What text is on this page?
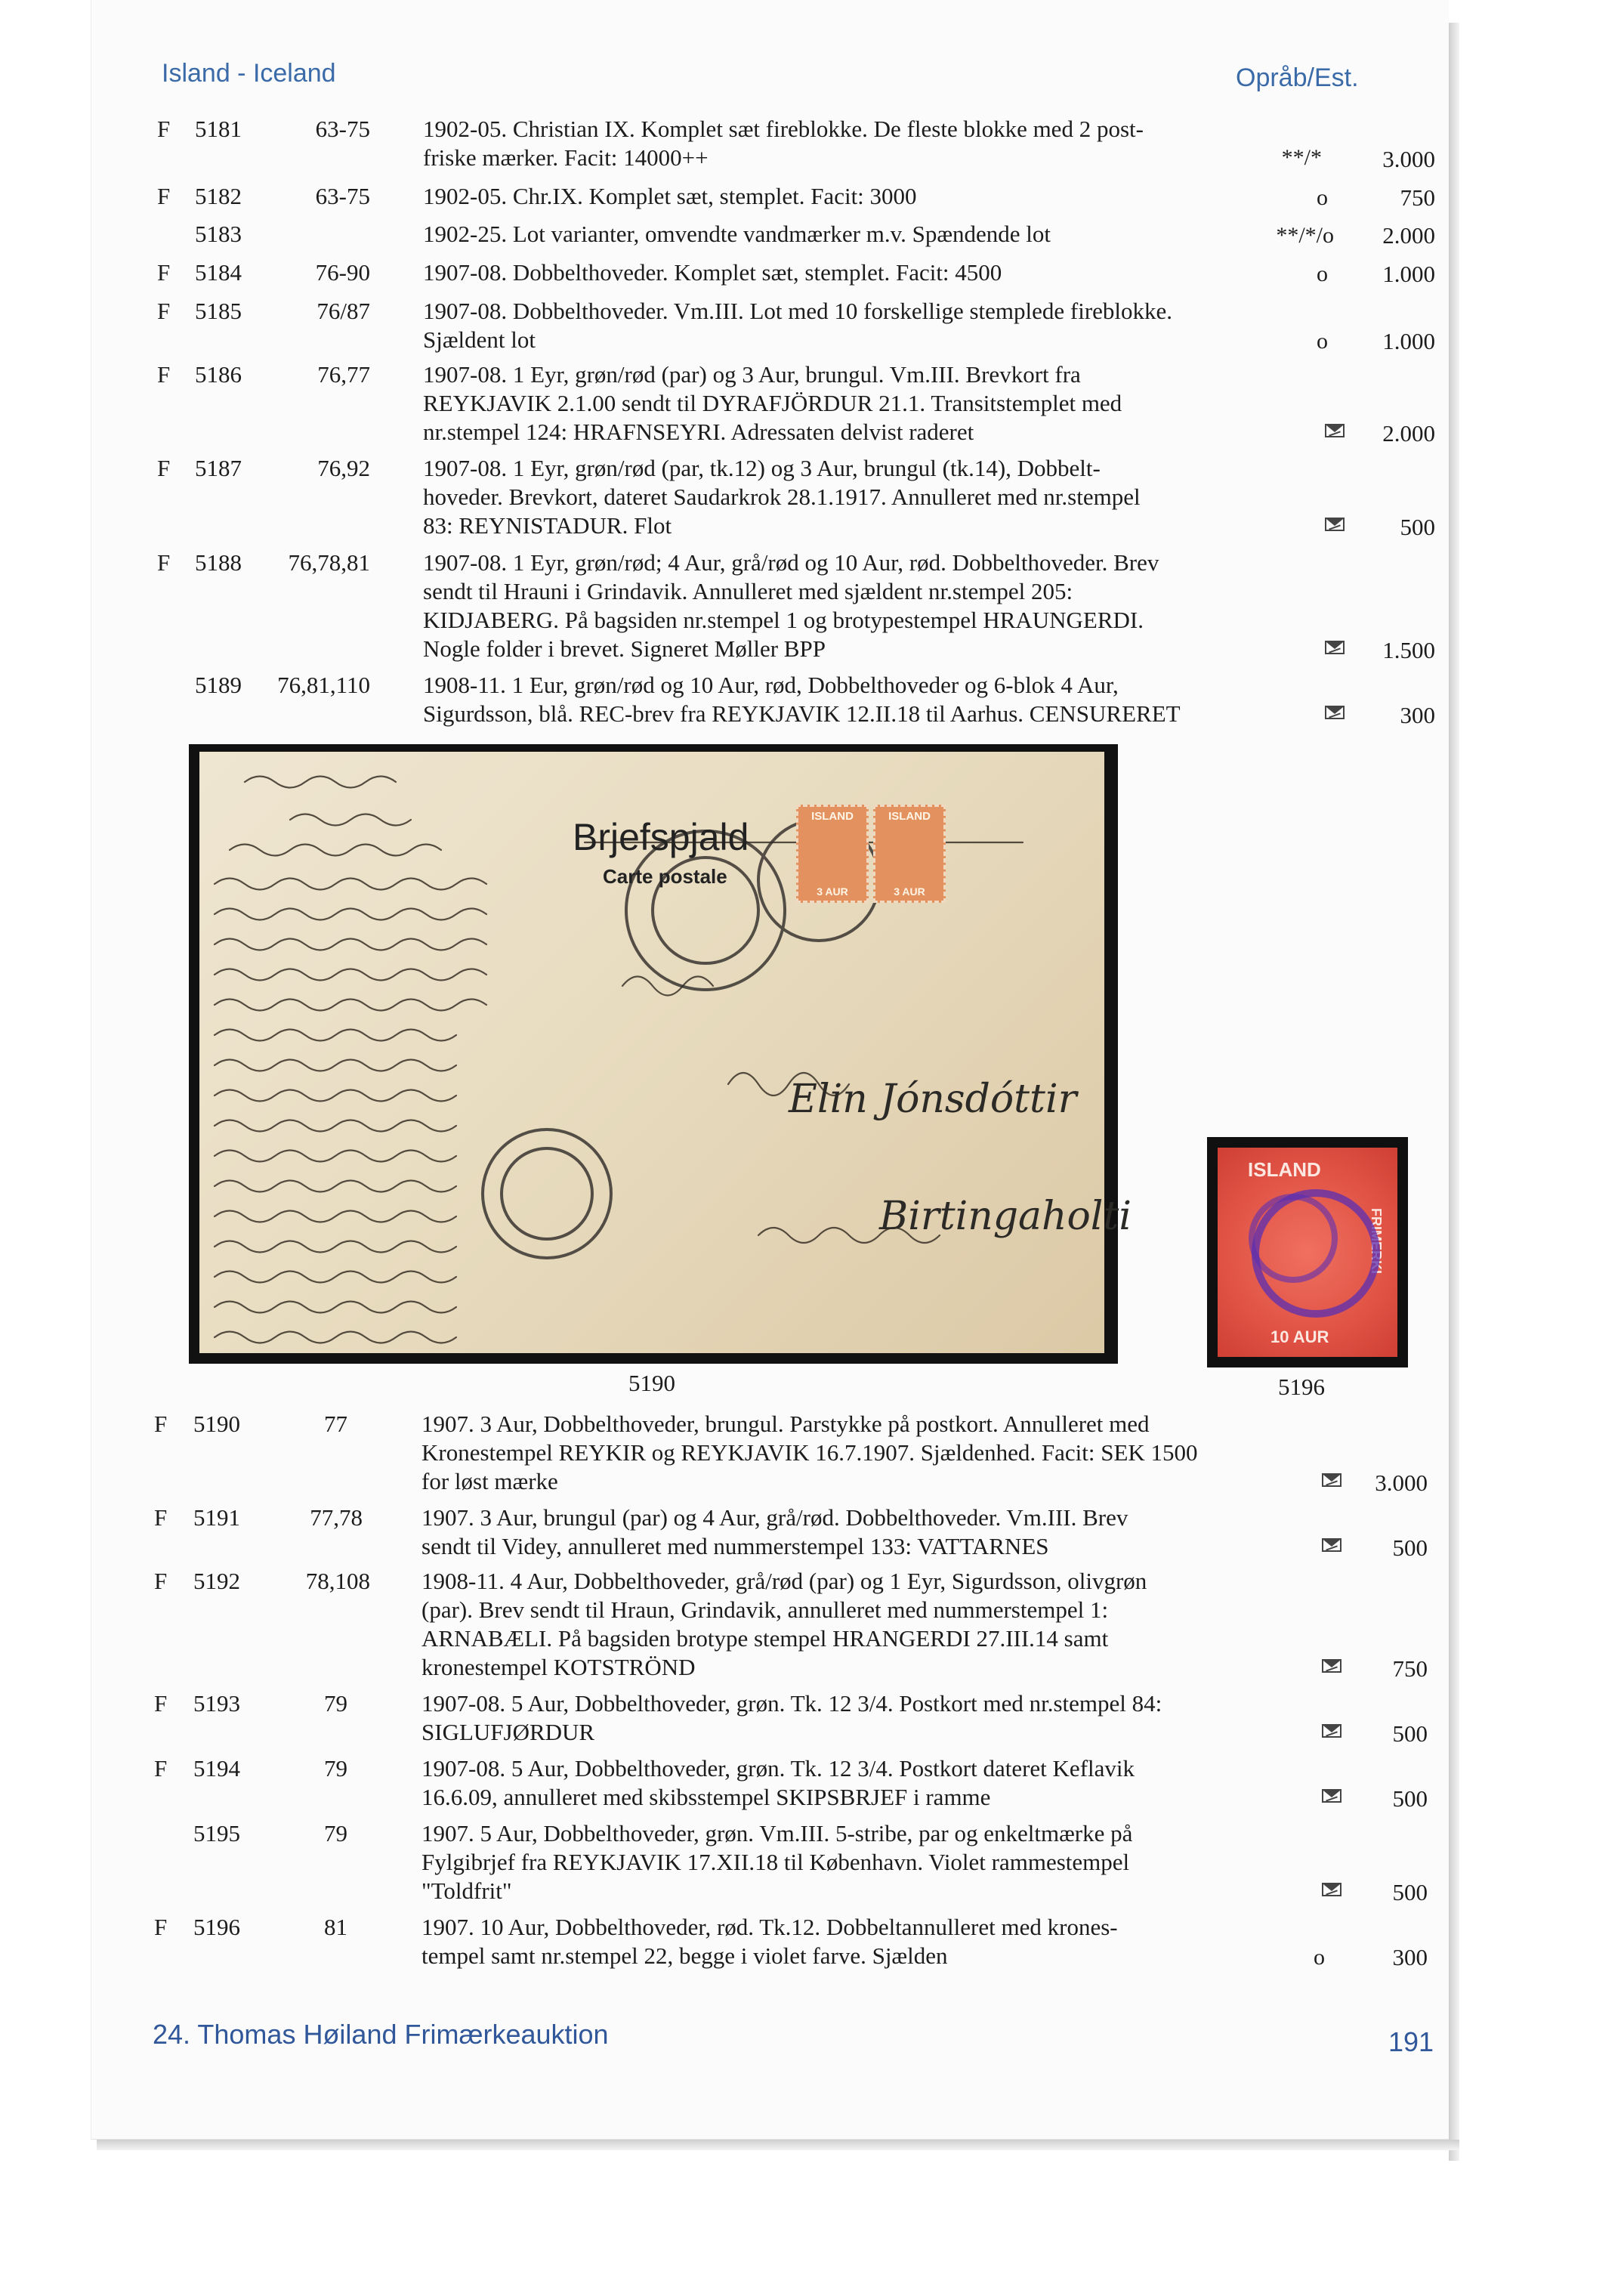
Island - Iceland	Opråb/Est.
F 5181	63-75 1902-05. Christian IX. Komplet sæt fireblokke. De fleste blokke med 2 post-
friske mærker. Facit: 14000++	**/*	3.000
F 5182	63-75 1902-05. Chr.IX. Komplet sæt, stemplet. Facit: 3000	o	750
5183	1902-25. Lot varianter, omvendte vandmærker m.v. Spændende lot	**/*/o	2.000
F 5184	76-90 1907-08. Dobbelthoveder. Komplet sæt, stemplet. Facit: 4500	o	1.000
F 5185	76/87 1907-08. Dobbelthoveder. Vm.III. Lot med 10 forskellige stemplede fireblokke.
Sjældent lot	o	1.000
F 5186	76,77 1907-08. 1 Eyr, grøn/rød (par) og 3 Aur, brungul. Vm.III. Brevkort fra
REYKJAVIK 2.1.00 sendt til DYRAFJÖRDUR 21.1. Transitstemplet med
nr.stempel 124: HRAFNSEYRI. Adressaten delvist raderet	2.000
F 5187	76,92 1907-08. 1 Eyr, grøn/rød (par, tk.12) og 3 Aur, brungul (tk.14), Dobbelt-
hoveder. Brevkort, dateret Saudarkrok 28.1.1917. Annulleret med nr.stempel
83: REYNISTADUR. Flot	500
F 5188	76,78,81 1907-08. 1 Eyr, grøn/rød; 4 Aur, grå/rød og 10 Aur, rød. Dobbelthoveder. Brev
sendt til Hrauni i Grindavik. Annulleret med sjældent nr.stempel 205:
KIDJABERG. På bagsiden nr.stempel 1 og brotypestempel HRAUNGERDI.
Nogle folder i brevet. Signeret Møller BPP	1.500
5189 76,81,110 1908-11. 1 Eur, grøn/rød og 10 Aur, rød, Dobbelthoveder og 6-blok 4 Aur,
Sigurdsson, blå. REC-brev fra REYKJAVIK 12.II.18 til Aarhus. CENSURERET	300
Brjefspjald
Carte postale
ISLAND
3 AUR
ISLAND
3 AUR
Elin Jónsdóttir
Birtingaholti
ISLAND
FRIMERKI
10 AUR
5190	5196
F 5190	77	1907. 3 Aur, Dobbelthoveder, brungul. Parstykke på postkort. Annulleret med
Kronestempel REYKIR og REYKJAVIK 16.7.1907. Sjældenhed. Facit: SEK 1500
for løst mærke	3.000
F 5191	77,78	1907. 3 Aur, brungul (par) og 4 Aur, grå/rød. Dobbelthoveder. Vm.III. Brev
sendt til Videy, annulleret med nummerstempel 133: VATTARNES	500
F 5192	78,108 1908-11. 4 Aur, Dobbelthoveder, grå/rød (par) og 1 Eyr, Sigurdsson, olivgrøn
(par). Brev sendt til Hraun, Grindavik, annulleret med nummerstempel 1:
ARNABÆLI. På bagsiden brotype stempel HRANGERDI 27.III.14 samt
kronestempel KOTSTRÖND	750
F 5193	79	1907-08. 5 Aur, Dobbelthoveder, grøn. Tk. 12 3/4. Postkort med nr.stempel 84:
SIGLUFJØRDUR	500
F 5194	79	1907-08. 5 Aur, Dobbelthoveder, grøn. Tk. 12 3/4. Postkort dateret Keflavik
16.6.09, annulleret med skibsstempel SKIPSBRJEF i ramme	500
5195	79	1907. 5 Aur, Dobbelthoveder, grøn. Vm.III. 5-stribe, par og enkeltmærke på
Fylgibrjef fra REYKJAVIK 17.XII.18 til København. Violet rammestempel
"Toldfrit"	500
F 5196	81	1907. 10 Aur, Dobbelthoveder, rød. Tk.12. Dobbeltannulleret med krones-
tempel samt nr.stempel 22, begge i violet farve. Sjælden	o	300
24. Thomas Høiland Frimærkeauktion	191
